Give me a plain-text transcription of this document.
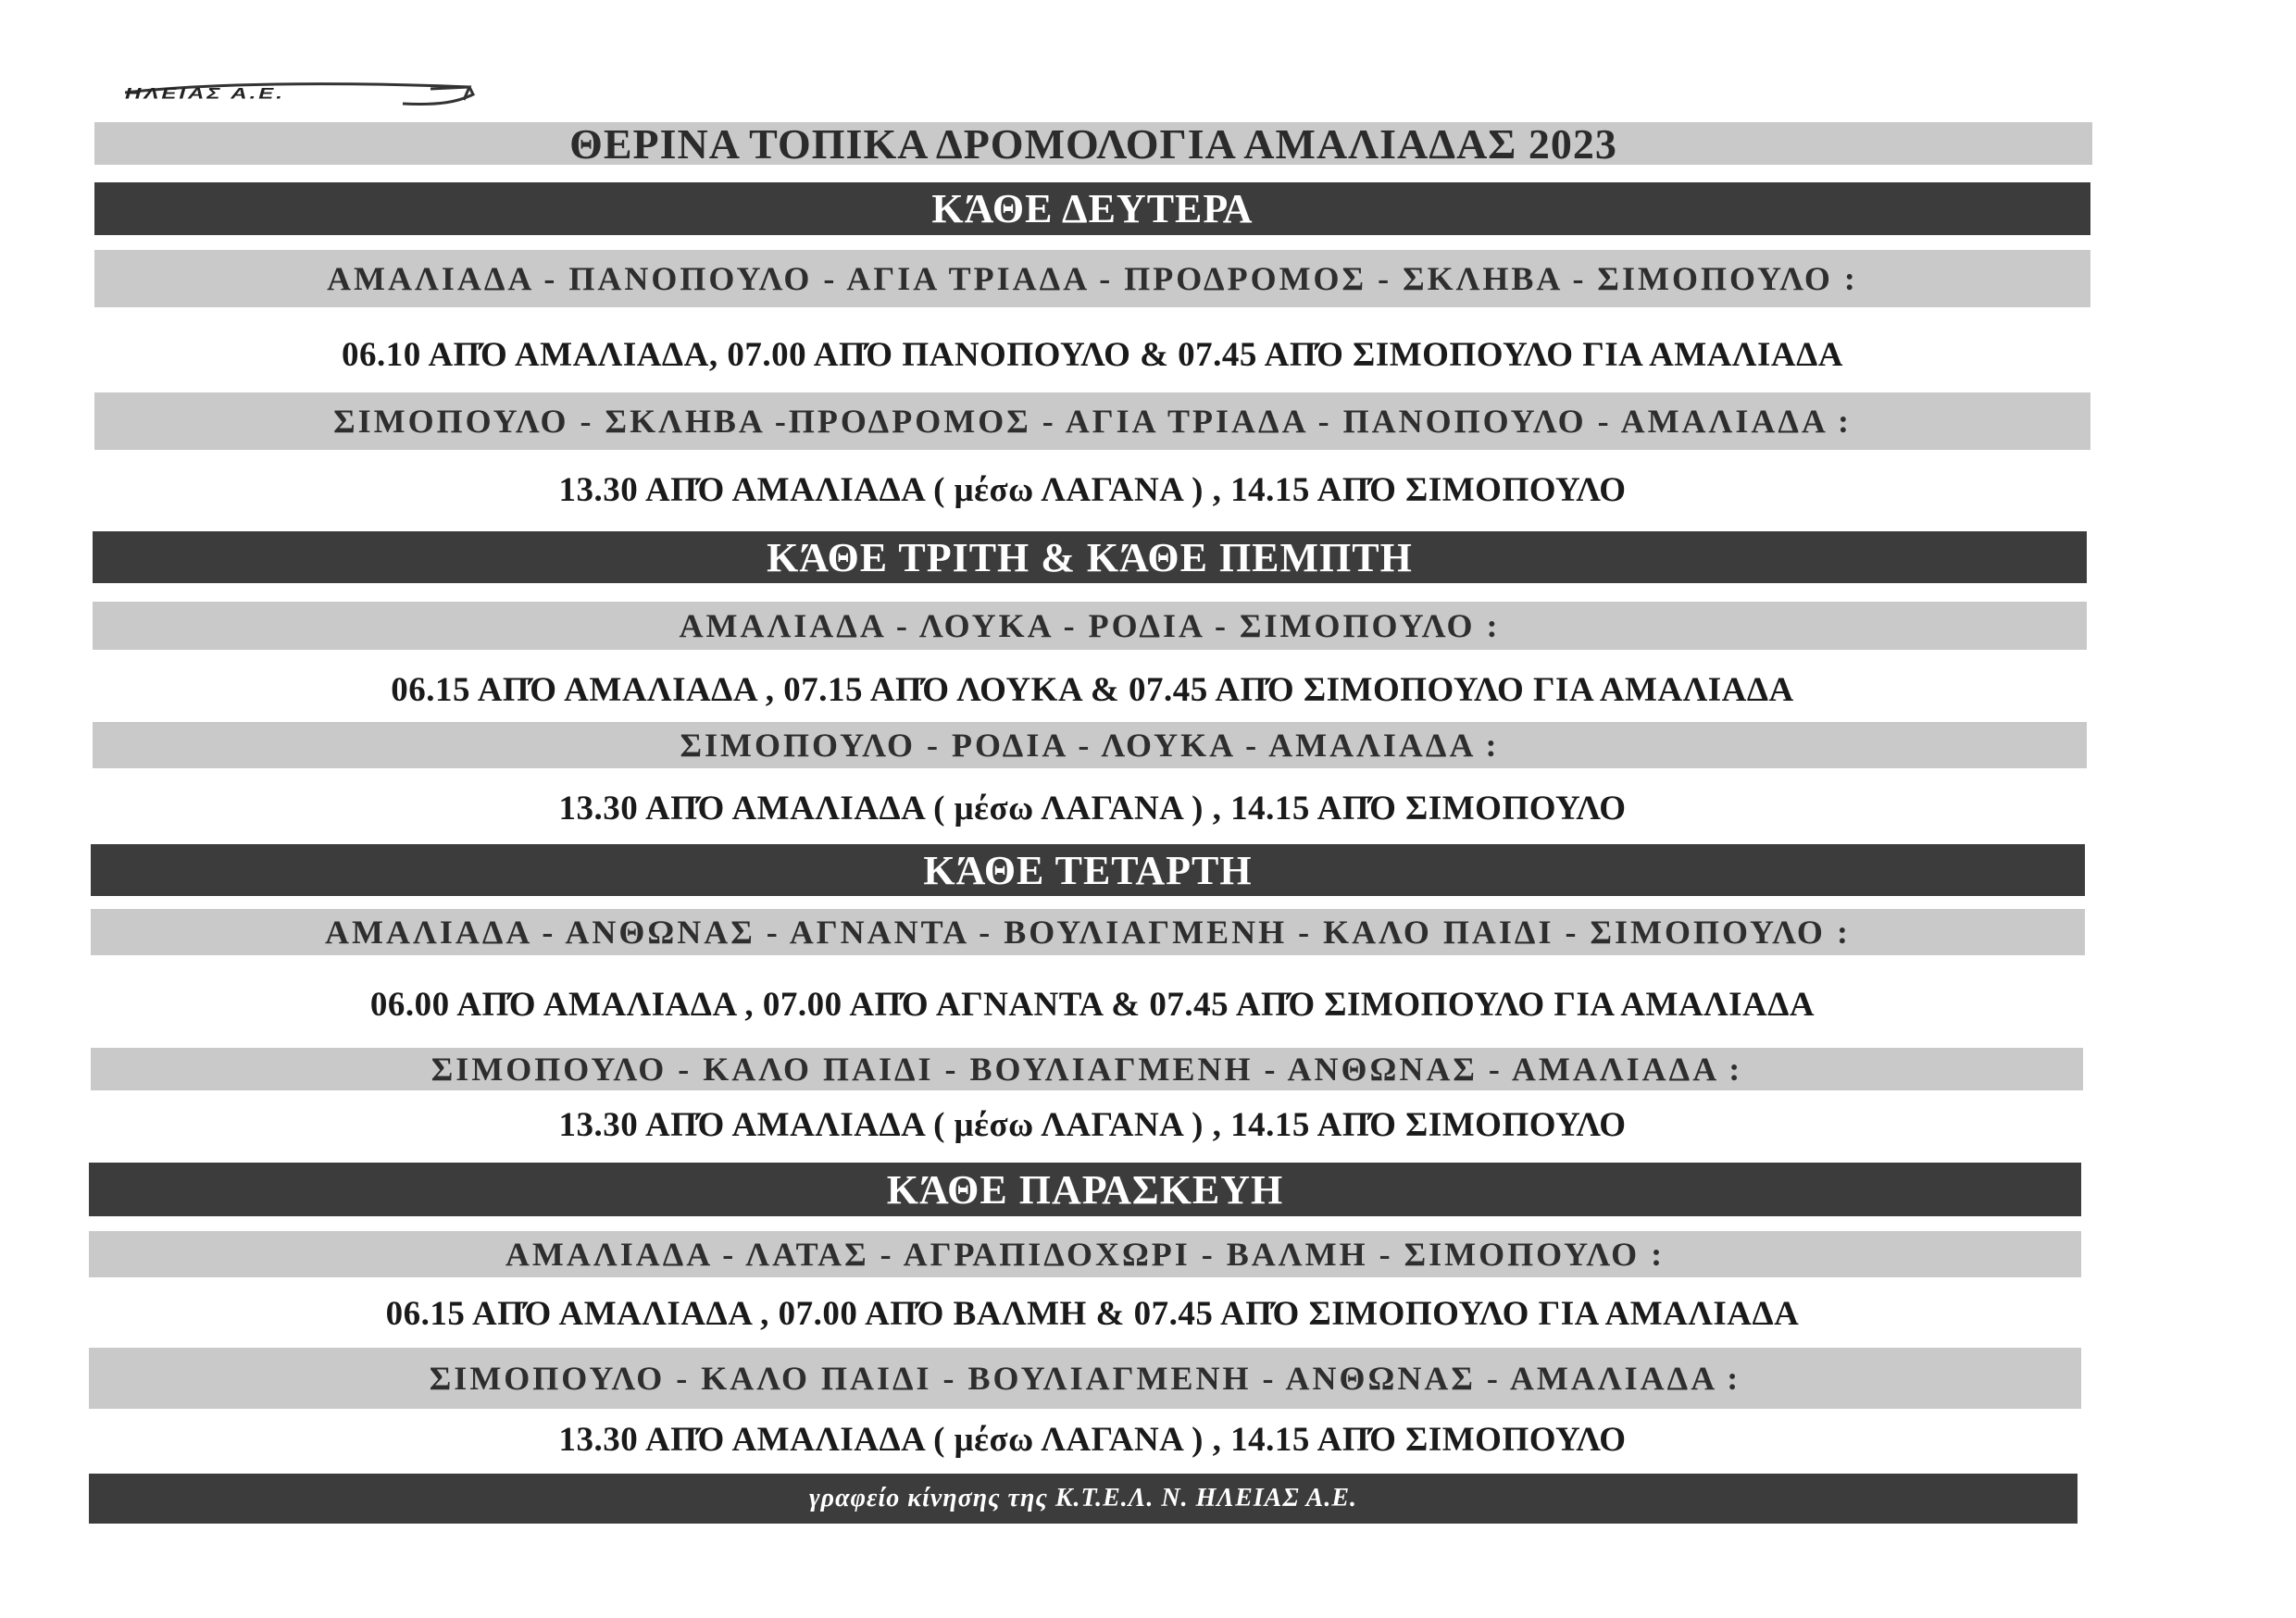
ΗΛΕΙΑΣ Α.Ε.
ΘΕΡΙΝΑ ΤΟΠΙΚΑ ΔΡΟΜΟΛΟΓΙΑ ΑΜΑΛΙΑΔΑΣ 2023
ΚΆΘΕ ΔΕΥΤΕΡΑ
ΑΜΑΛΙΑΔΑ - ΠΑΝΟΠΟΥΛΟ - ΑΓΙΑ ΤΡΙΑΔΑ - ΠΡΟΔΡΟΜΟΣ - ΣΚΛΗΒΑ - ΣΙΜΟΠΟΥΛΟ :
06.10 ΑΠΌ ΑΜΑΛΙΑΔΑ, 07.00 ΑΠΌ ΠΑΝΟΠΟΥΛΟ & 07.45 ΑΠΌ ΣΙΜΟΠΟΥΛΟ ΓΙΑ ΑΜΑΛΙΑΔΑ
ΣΙΜΟΠΟΥΛΟ - ΣΚΛΗΒΑ -ΠΡΟΔΡΟΜΟΣ - ΑΓΙΑ ΤΡΙΑΔΑ - ΠΑΝΟΠΟΥΛΟ - ΑΜΑΛΙΑΔΑ :
13.30 ΑΠΌ ΑΜΑΛΙΑΔΑ ( μέσω ΛΑΓΑΝΑ ) , 14.15 ΑΠΌ ΣΙΜΟΠΟΥΛΟ
ΚΆΘΕ ΤΡΙΤΗ & ΚΆΘΕ ΠΕΜΠΤΗ
ΑΜΑΛΙΑΔΑ - ΛΟΥΚΑ - ΡΟΔΙΑ - ΣΙΜΟΠΟΥΛΟ :
06.15 ΑΠΌ ΑΜΑΛΙΑΔΑ , 07.15 ΑΠΌ ΛΟΥΚΑ & 07.45 ΑΠΌ ΣΙΜΟΠΟΥΛΟ ΓΙΑ ΑΜΑΛΙΑΔΑ
ΣΙΜΟΠΟΥΛΟ - ΡΟΔΙΑ - ΛΟΥΚΑ - ΑΜΑΛΙΑΔΑ :
13.30 ΑΠΌ ΑΜΑΛΙΑΔΑ ( μέσω ΛΑΓΑΝΑ ) , 14.15 ΑΠΌ ΣΙΜΟΠΟΥΛΟ
ΚΆΘΕ ΤΕΤΑΡΤΗ
ΑΜΑΛΙΑΔΑ - ΑΝΘΩΝΑΣ - ΑΓΝΑΝΤΑ - ΒΟΥΛΙΑΓΜΕΝΗ - ΚΑΛΟ ΠΑΙΔΙ - ΣΙΜΟΠΟΥΛΟ :
06.00 ΑΠΌ ΑΜΑΛΙΑΔΑ , 07.00 ΑΠΌ ΑΓΝΑΝΤΑ & 07.45 ΑΠΌ ΣΙΜΟΠΟΥΛΟ ΓΙΑ ΑΜΑΛΙΑΔΑ
ΣΙΜΟΠΟΥΛΟ - ΚΑΛΟ ΠΑΙΔΙ - ΒΟΥΛΙΑΓΜΕΝΗ - ΑΝΘΩΝΑΣ - ΑΜΑΛΙΑΔΑ :
13.30 ΑΠΌ ΑΜΑΛΙΑΔΑ ( μέσω ΛΑΓΑΝΑ ) , 14.15 ΑΠΌ ΣΙΜΟΠΟΥΛΟ
ΚΆΘΕ ΠΑΡΑΣΚΕΥΗ
ΑΜΑΛΙΑΔΑ - ΛΑΤΑΣ - ΑΓΡΑΠΙΔΟΧΩΡΙ - ΒΑΛΜΗ - ΣΙΜΟΠΟΥΛΟ :
06.15 ΑΠΌ ΑΜΑΛΙΑΔΑ , 07.00 ΑΠΌ ΒΑΛΜΗ & 07.45 ΑΠΌ ΣΙΜΟΠΟΥΛΟ ΓΙΑ ΑΜΑΛΙΑΔΑ
ΣΙΜΟΠΟΥΛΟ - ΚΑΛΟ ΠΑΙΔΙ - ΒΟΥΛΙΑΓΜΕΝΗ - ΑΝΘΩΝΑΣ - ΑΜΑΛΙΑΔΑ :
13.30 ΑΠΌ ΑΜΑΛΙΑΔΑ ( μέσω ΛΑΓΑΝΑ ) , 14.15 ΑΠΌ ΣΙΜΟΠΟΥΛΟ
γραφείο κίνησης της Κ.Τ.Ε.Λ. Ν. ΗΛΕΙΑΣ Α.Ε.
